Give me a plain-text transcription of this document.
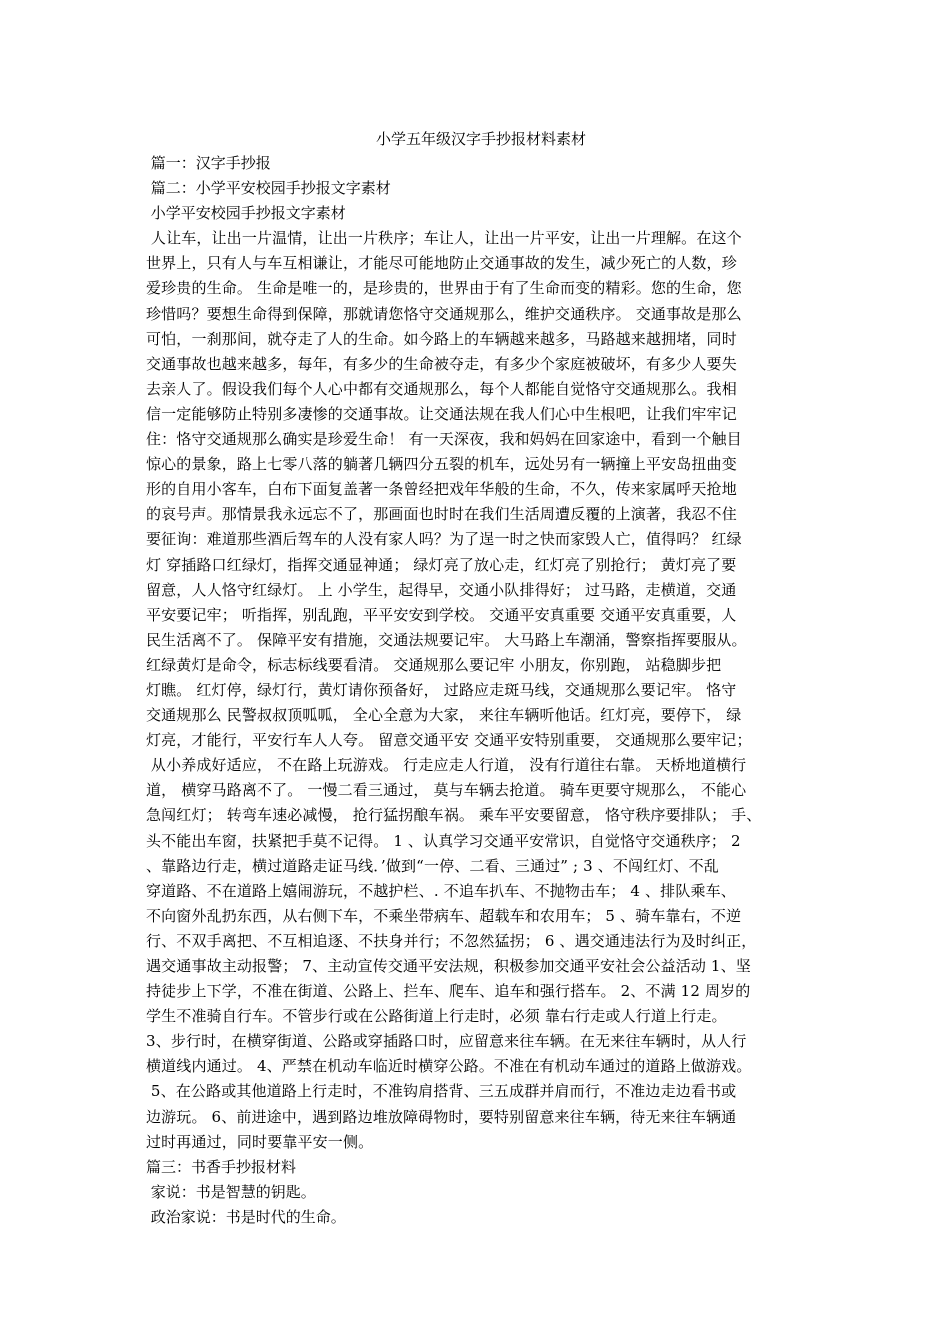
小学五年级汉字手抄报材料素材
篇一：汉字手抄报
篇二：小学平安校园手抄报文字素材
小学平安校园手抄报文字素材
人让车，让出一片温情，让出一片秩序；车让人，让出一片平安，让出一片理解。在这个
世界上，只有人与车互相谦让，才能尽可能地防止交通事故的发生，减少死亡的人数，珍
爱珍贵的生命。 生命是唯一的，是珍贵的，世界由于有了生命而变的精彩。您的生命，您
珍惜吗？要想生命得到保障，那就请您恪守交通规那么，维护交通秩序。 交通事故是那么
可怕，一刹那间，就夺走了人的生命。如今路上的车辆越来越多，马路越来越拥堵，同时
交通事故也越来越多，每年，有多少的生命被夺走，有多少个家庭被破坏，有多少人要失
去亲人了。假设我们每个人心中都有交通规那么，每个人都能自觉恪守交通规那么。我相
信一定能够防止特别多凄惨的交通事故。让交通法规在我人们心中生根吧，让我们牢牢记
住：恪守交通规那么确实是珍爱生命！ 有一天深夜，我和妈妈在回家途中，看到一个触目
惊心的景象，路上七零八落的躺著几辆四分五裂的机车，远处另有一辆撞上平安岛扭曲变
形的自用小客车，白布下面复盖著一条曾经把戏年华般的生命，不久，传来家属呼天抢地
的哀号声。那情景我永远忘不了，那画面也时时在我们生活周遭反覆的上演著，我忍不住
要征询：难道那些酒后驾车的人没有家人吗？为了逞一时之快而家毁人亡，值得吗？ 红绿
灯 穿插路口红绿灯，指挥交通显神通； 绿灯亮了放心走，红灯亮了别抢行； 黄灯亮了要
留意，人人恪守红绿灯。 上 小学生，起得早，交通小队排得好； 过马路，走横道，交通
平安要记牢； 听指挥，别乱跑，平平安安到学校。 交通平安真重要 交通平安真重要，人
民生活离不了。 保障平安有措施，交通法规要记牢。 大马路上车潮涌，警察指挥要服从。
红绿黄灯是命令，标志标线要看清。 交通规那么要记牢 小朋友，你别跑， 站稳脚步把
灯瞧。 红灯停，绿灯行，黄灯请你预备好， 过路应走斑马线，交通规那么要记牢。 恪守
交通规那么 民警叔叔顶呱呱， 全心全意为大家， 来往车辆听他话。红灯亮，要停下， 绿
灯亮，才能行，平安行车人人夸。 留意交通平安 交通平安特别重要， 交通规那么要牢记；
从小养成好适应， 不在路上玩游戏。 行走应走人行道， 没有行道往右靠。 天桥地道横行
道， 横穿马路离不了。 一慢二看三通过， 莫与车辆去抢道。 骑车更要守规那么， 不能心
急闯红灯； 转弯车速必减慢， 抢行猛拐酿车祸。 乘车平安要留意， 恪守秩序要排队； 手、
头不能出车窗，扶紧把手莫不记得。 1 、认真学习交通平安常识，自觉恪守交通秩序； 2
、靠路边行走，横过道路走证马线．’做到“一停、二看、三通过” ; 3 、不闯红灯、不乱
穿道路、不在道路上嬉闹游玩，不越护栏、. 不追车扒车、不抛物击车； 4 、排队乘车、
不向窗外乱扔东西，从右侧下车，不乘坐带病车、超载车和农用车； 5 、骑车靠右，不逆
行、不双手离把、不互相追逐、不扶身并行；不忽然猛拐； 6 、遇交通违法行为及时纠正，
遇交通事故主动报警； 7、主动宣传交通平安法规，积极参加交通平安社会公益活动 1、坚
持徒步上下学，不准在街道、公路上、拦车、爬车、追车和强行搭车。 2、不满 12 周岁的
学生不准骑自行车。不管步行或在公路街道上行走时，必须 靠右行走或人行道上行走。
3、步行时，在横穿街道、公路或穿插路口时，应留意来往车辆。在无来往车辆时，从人行
横道线内通过。 4、严禁在机动车临近时横穿公路。不准在有机动车通过的道路上做游戏。
5、在公路或其他道路上行走时，不准钩肩搭背、三五成群并肩而行，不准边走边看书或
边游玩。 6、前进途中，遇到路边堆放障碍物时，要特别留意来往车辆，待无来往车辆通
过时再通过，同时要靠平安一侧。
篇三：书香手抄报材料
家说：书是智慧的钥匙。
政治家说：书是时代的生命。
